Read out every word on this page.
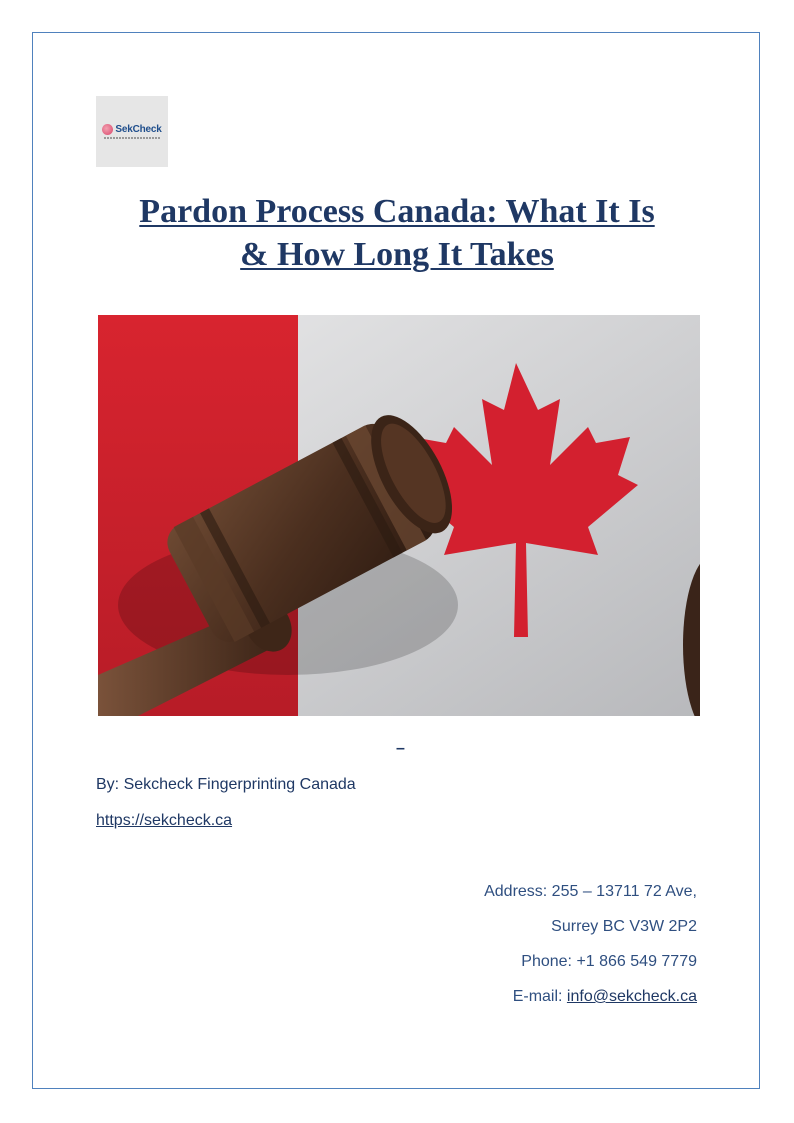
SekCheck
Pardon Process Canada: What It Is
& How Long It Takes
–

By: Sekcheck Fingerprinting Canada

https://sekcheck.ca

Address: 255 – 13711 72 Ave,

Surrey BC V3W 2P2

Phone: +1 866 549 7779

E-mail: info@sekcheck.ca
